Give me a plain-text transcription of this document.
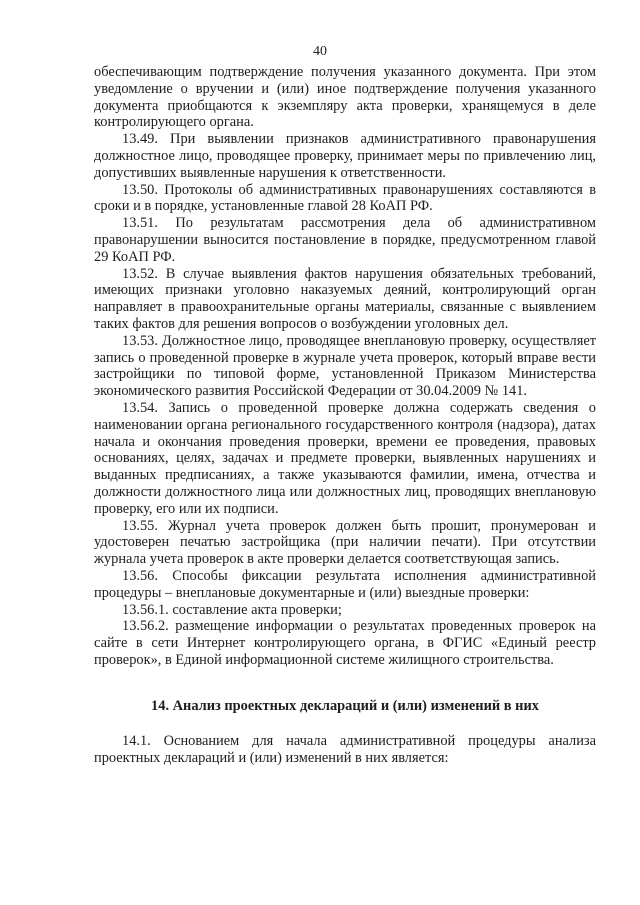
40

обеспечивающим подтверждение получения указанного документа. При этом уведомление о вручении и (или) иное подтверждение получения указанного документа приобщаются к экземпляру акта проверки, хранящемуся в деле контролирующего органа.

13.49. При выявлении признаков административного правонарушения должностное лицо, проводящее проверку, принимает меры по привлечению лиц, допустивших выявленные нарушения к ответственности.

13.50. Протоколы об административных правонарушениях составляются в сроки и в порядке, установленные главой 28 КоАП РФ.

13.51. По результатам рассмотрения дела об административном правонарушении выносится постановление в порядке, предусмотренном главой 29 КоАП РФ.

13.52. В случае выявления фактов нарушения обязательных требований, имеющих признаки уголовно наказуемых деяний, контролирующий орган направляет в правоохранительные органы материалы, связанные с выявлением таких фактов для решения вопросов о возбуждении уголовных дел.

13.53. Должностное лицо, проводящее внеплановую проверку, осуществляет запись о проведенной проверке в журнале учета проверок, который вправе вести застройщики по типовой форме, установленной Приказом Министерства экономического развития Российской Федерации от 30.04.2009 № 141.

13.54. Запись о проведенной проверке должна содержать сведения о наименовании органа регионального государственного контроля (надзора), датах начала и окончания проведения проверки, времени ее проведения, правовых основаниях, целях, задачах и предмете проверки, выявленных нарушениях и выданных предписаниях, а также указываются фамилии, имена, отчества и должности должностного лица или должностных лиц, проводящих внеплановую проверку, его или их подписи.

13.55. Журнал учета проверок должен быть прошит, пронумерован и удостоверен печатью застройщика (при наличии печати). При отсутствии журнала учета проверок в акте проверки делается соответствующая запись.

13.56. Способы фиксации результата исполнения административной процедуры – внеплановые документарные и (или) выездные проверки:

13.56.1. составление акта проверки;

13.56.2. размещение информации о результатах проведенных проверок на сайте в сети Интернет контролирующего органа, в ФГИС «Единый реестр проверок», в Единой информационной системе жилищного строительства.

14. Анализ проектных деклараций и (или) изменений в них

14.1. Основанием для начала административной процедуры анализа проектных деклараций и (или) изменений в них является:
